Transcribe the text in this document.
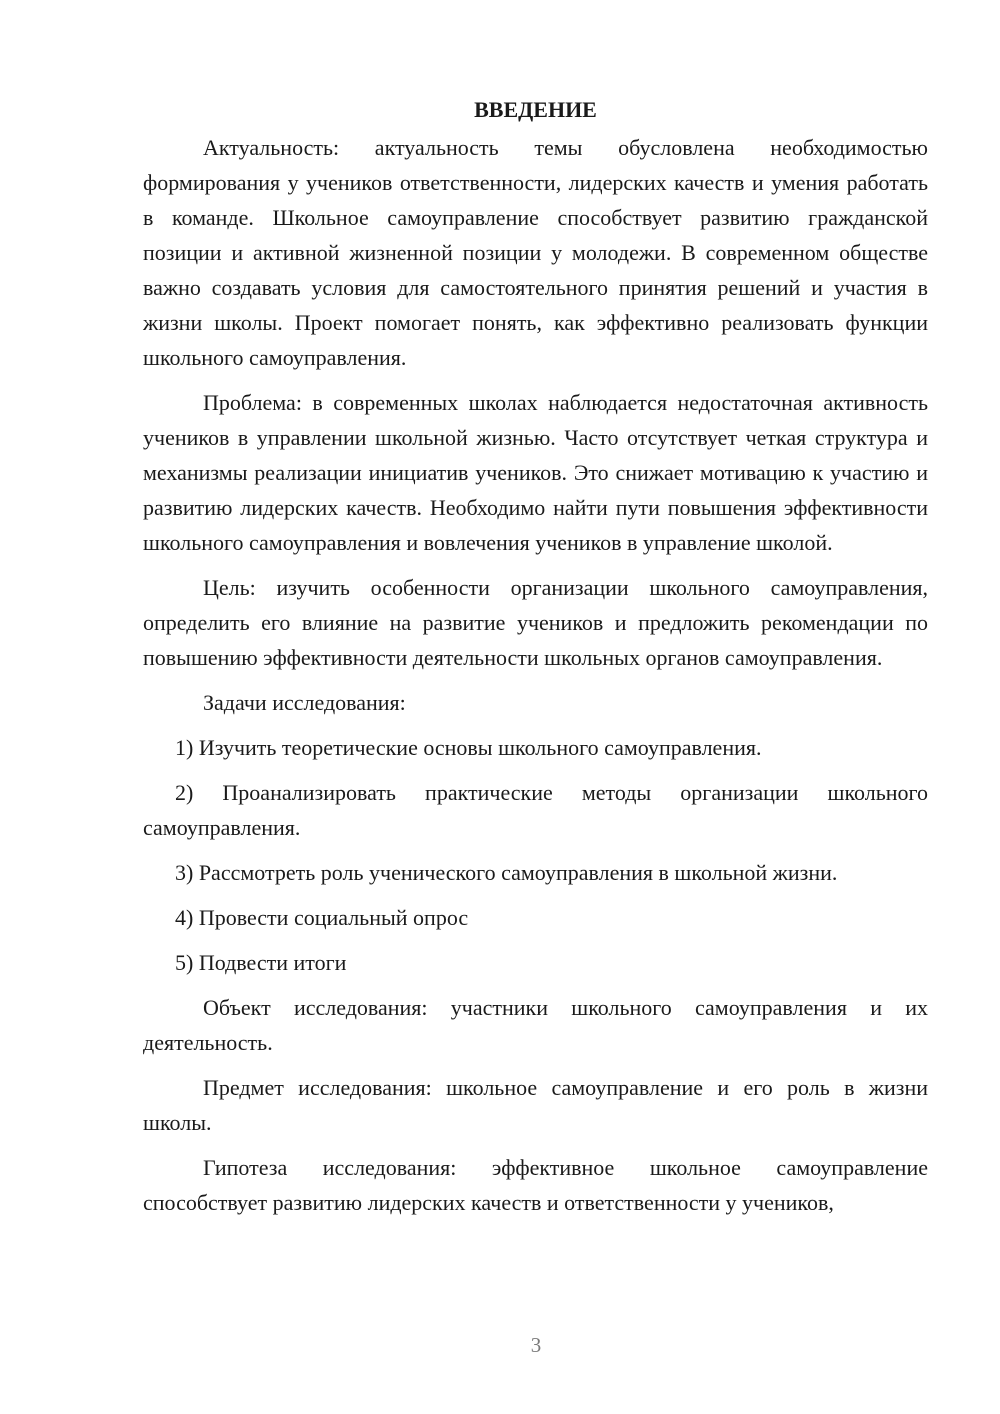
ВВЕДЕНИЕ

Актуальность: актуальность темы обусловлена необходимостью формирования у учеников ответственности, лидерских качеств и умения работать в команде. Школьное самоуправление способствует развитию гражданской позиции и активной жизненной позиции у молодежи. В современном обществе важно создавать условия для самостоятельного принятия решений и участия в жизни школы. Проект помогает понять, как эффективно реализовать функции школьного самоуправления.

Проблема: в современных школах наблюдается недостаточная активность учеников в управлении школьной жизнью. Часто отсутствует четкая структура и механизмы реализации инициатив учеников. Это снижает мотивацию к участию и развитию лидерских качеств. Необходимо найти пути повышения эффективности школьного самоуправления и вовлечения учеников в управление школой.

Цель: изучить особенности организации школьного самоуправления, определить его влияние на развитие учеников и предложить рекомендации по повышению эффективности деятельности школьных органов самоуправления.

Задачи исследования:

1) Изучить теоретические основы школьного самоуправления.

2) Проанализировать практические методы организации школьного самоуправления.

3) Рассмотреть роль ученического самоуправления в школьной жизни.

4) Провести социальный опрос

5) Подвести итоги

Объект исследования: участники школьного самоуправления и их деятельность.

Предмет исследования: школьное самоуправление и его роль в жизни школы.

Гипотеза исследования: эффективное школьное самоуправление способствует развитию лидерских качеств и ответственности у учеников,

3
